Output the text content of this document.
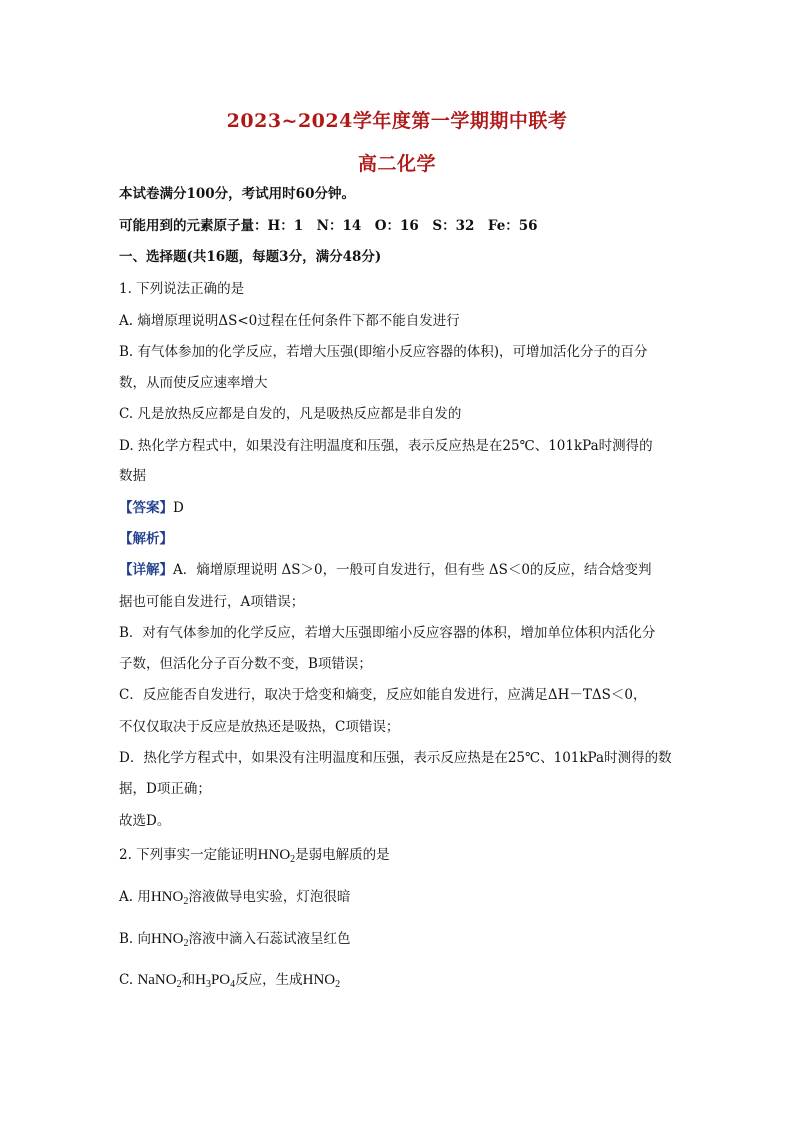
2023~2024学年度第一学期期中联考
高二化学
本试卷满分100分，考试用时60分钟。
可能用到的元素原子量：H：1　N：14　O：16　S：32　Fe：56
一、选择题(共16题，每题3分，满分48分)
1. 下列说法正确的是
A. 熵增原理说明ΔS<0过程在任何条件下都不能自发进行
B. 有气体参加的化学反应，若增大压强(即缩小反应容器的体积)，可增加活化分子的百分
数，从而使反应速率增大
C. 凡是放热反应都是自发的，凡是吸热反应都是非自发的
D. 热化学方程式中，如果没有注明温度和压强，表示反应热是在25℃、101kPa时测得的
数据
【答案】D
【解析】
【详解】A．熵增原理说明 ΔS＞0，一般可自发进行，但有些 ΔS＜0的反应，结合焓变判
据也可能自发进行，A项错误；
B．对有气体参加的化学反应，若增大压强即缩小反应容器的体积，增加单位体积内活化分
子数，但活化分子百分数不变，B项错误；
C．反应能否自发进行，取决于焓变和熵变，反应如能自发进行，应满足ΔH－TΔS＜0，
不仅仅取决于反应是放热还是吸热，C项错误；
D．热化学方程式中，如果没有注明温度和压强，表示反应热是在25℃、101kPa时测得的数
据，D项正确；
故选D。
2. 下列事实一定能证明$HNO_2$是弱电解质的是
A. 用$HNO_2$溶液做导电实验，灯泡很暗
B. 向$HNO_2$溶液中滴入石蕊试液呈红色
C. NaNO$_2$和$H_3PO_4$反应，生成$HNO_2$
